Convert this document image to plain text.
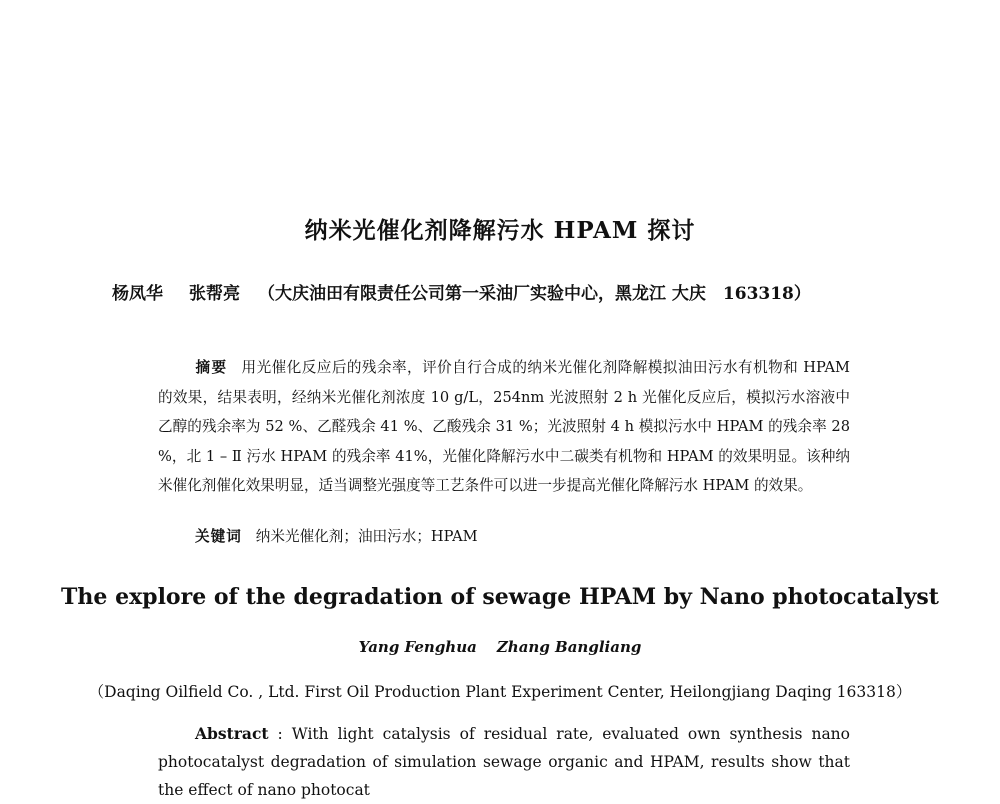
纳米光催化剂降解污水 HPAM 探讨
杨凤华 张帮亮 （大庆油田有限责任公司第一采油厂实验中心，黑龙江 大庆　163318）
摘要 用光催化反应后的残余率，评价自行合成的纳米光催化剂降解模拟油田污水有机物和 HPAM 的效果，结果表明，经纳米光催化剂浓度 10 g/L，254nm 光波照射 2 h 光催化反应后，模拟污水溶液中乙醇的残余率为 52 %、乙醛残余 41 %、乙酸残余 31 %；光波照射 4 h 模拟污水中 HPAM 的残余率 28 %，北 1 – Ⅱ 污水 HPAM 的残余率 41%，光催化降解污水中二碳类有机物和 HPAM 的效果明显。该种纳米催化剂催化效果明显，适当调整光强度等工艺条件可以进一步提高光催化降解污水 HPAM 的效果。
关键词 纳米光催化剂；油田污水；HPAM
The explore of the degradation of sewage HPAM by Nano photocatalyst
Yang Fenghua Zhang Bangliang
（Daqing Oilfield Co. , Ltd. First Oil Production Plant Experiment Center, Heilongjiang Daqing 163318）
Abstract : With light catalysis of residual rate, evaluated own synthesis nano photocatalyst degradation of simulation sewage organic and HPAM, results show that the effect of nano photocat
